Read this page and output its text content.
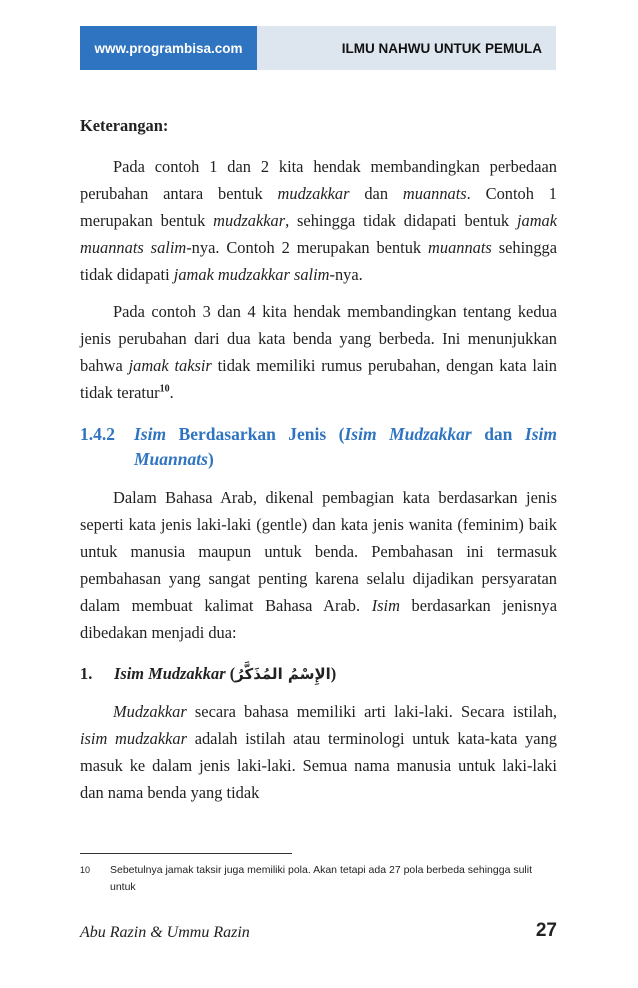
www.programbisa.com	ILMU NAHWU UNTUK PEMULA
Keterangan:

Pada contoh 1 dan 2 kita hendak membandingkan perbedaan perubahan antara bentuk mudzakkar dan muannats. Contoh 1 merupakan bentuk mudzakkar, sehingga tidak didapati bentuk jamak muannats salim-nya. Contoh 2 merupakan bentuk muannats sehingga tidak didapati jamak mudzakkar salim-nya.

Pada contoh 3 dan 4 kita hendak membandingkan tentang kedua jenis perubahan dari dua kata benda yang berbeda. Ini menunjukkan bahwa jamak taksir tidak memiliki rumus perubahan, dengan kata lain tidak teratur$^{10}$.

1.4.2	Isim Berdasarkan Jenis (Isim Mudzakkar dan Isim Muannats)

Dalam Bahasa Arab, dikenal pembagian kata berdasarkan jenis seperti kata jenis laki-laki (gentle) dan kata jenis wanita (feminim) baik untuk manusia maupun untuk benda. Pembahasan ini termasuk pembahasan yang sangat penting karena selalu dijadikan persyaratan dalam membuat kalimat Bahasa Arab. Isim berdasarkan jenisnya dibedakan menjadi dua:

1.	Isim Mudzakkar (الإِسْمُ المُذَكَّرُ)

Mudzakkar secara bahasa memiliki arti laki-laki. Secara istilah, isim mudzakkar adalah istilah atau terminologi untuk kata-kata yang masuk ke dalam jenis laki-laki. Semua nama manusia untuk laki-laki dan nama benda yang tidak

10	Sebetulnya jamak taksir juga memiliki pola. Akan tetapi ada 27 pola berbeda sehingga sulit untuk
Abu Razin & Ummu Razin	27
